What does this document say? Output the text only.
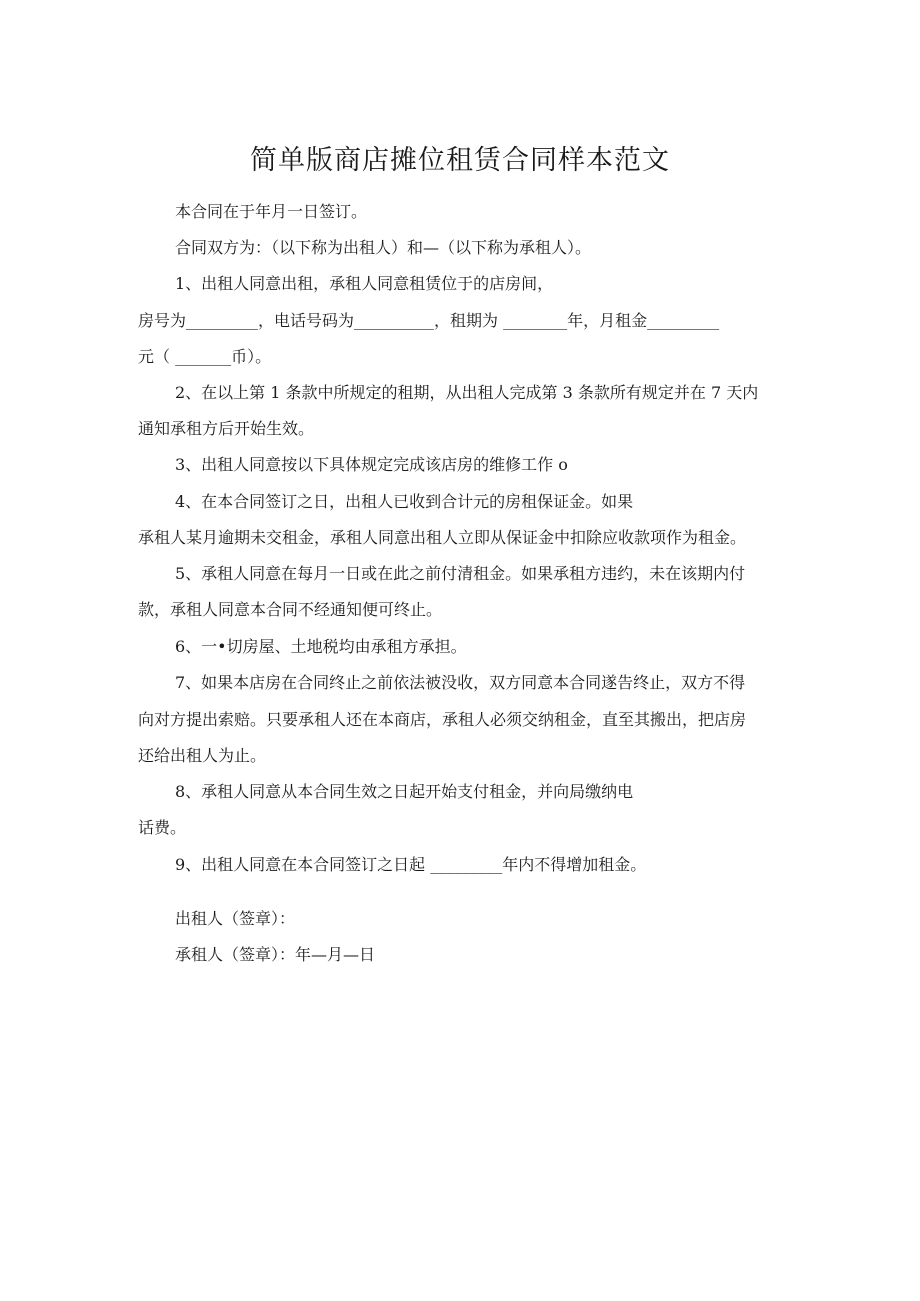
简单版商店摊位租赁合同样本范文
本合同在于年月一日签订。
合同双方为：（以下称为出租人）和—（以下称为承租人）。
1、出租人同意出租，承租人同意租赁位于的店房间，
房号为_________，电话号码为__________，租期为 ________年，月租金_________
元（ _______币）。
2、在以上第 1 条款中所规定的租期，从出租人完成第 3 条款所有规定并在 7 天内
通知承租方后开始生效。
3、出租人同意按以下具体规定完成该店房的维修工作 o
4、在本合同签订之日，出租人已收到合计元的房租保证金。如果
承租人某月逾期未交租金，承租人同意出租人立即从保证金中扣除应收款项作为租金。
5、承租人同意在每月一日或在此之前付清租金。如果承租方违约，未在该期内付
款，承租人同意本合同不经通知便可终止。
6、一•切房屋、土地税均由承租方承担。
7、如果本店房在合同终止之前依法被没收，双方同意本合同遂告终止，双方不得
向对方提出索赔。只要承租人还在本商店，承租人必须交纳租金，直至其搬出，把店房
还给出租人为止。
8、承租人同意从本合同生效之日起开始支付租金，并向局缴纳电
话费。
9、出租人同意在本合同签订之日起 _________年内不得增加租金。
出租人（签章）：
承租人（签章）：年—月—日
